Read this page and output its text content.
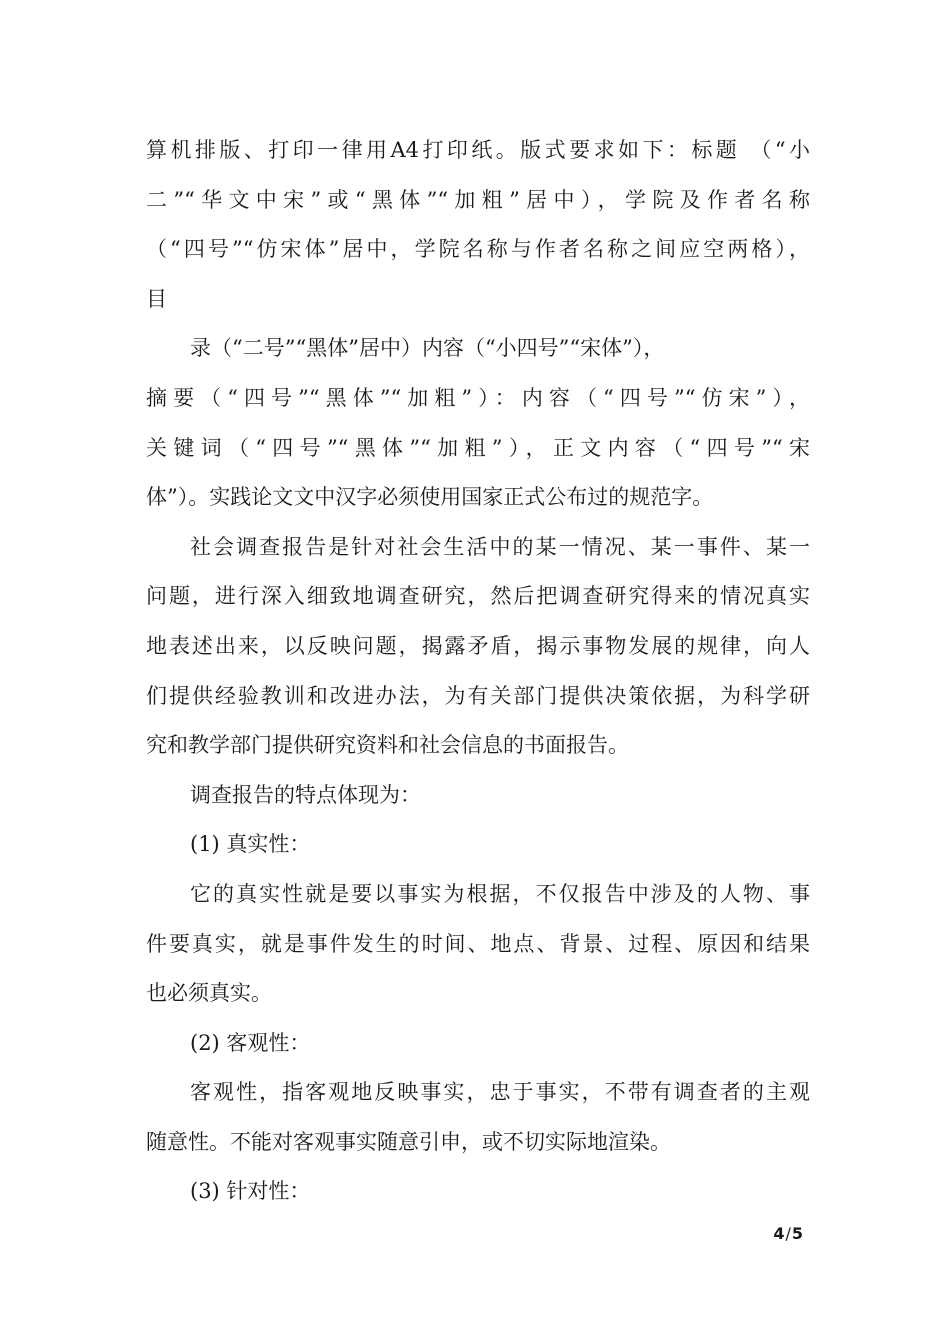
算机排版、打印一律用A4打印纸。版式要求如下：标题 （“小
二”“华文中宋”或“黑体”“加粗”居中），学院及作者名称
（“四号”“仿宋体”居中，学院名称与作者名称之间应空两格），
目
录（“二号”“黑体”居中）内容（“小四号”“宋体”），
摘要（“四号”“黑体”“加粗”）：内容（“四号”“仿宋”），
关键词（“四号”“黑体”“加粗”），正文内容（“四号”“宋
体”）。实践论文文中汉字必须使用国家正式公布过的规范字。
社会调查报告是针对社会生活中的某一情况、某一事件、某一
问题，进行深入细致地调查研究，然后把调查研究得来的情况真实
地表述出来，以反映问题，揭露矛盾，揭示事物发展的规律，向人
们提供经验教训和改进办法，为有关部门提供决策依据，为科学研
究和教学部门提供研究资料和社会信息的书面报告。
调查报告的特点体现为：
(1) 真实性：
它的真实性就是要以事实为根据，不仅报告中涉及的人物、事
件要真实，就是事件发生的时间、地点、背景、过程、原因和结果
也必须真实。
(2) 客观性：
客观性，指客观地反映事实，忠于事实，不带有调查者的主观
随意性。不能对客观事实随意引申，或不切实际地渲染。
(3) 针对性：
4/5
